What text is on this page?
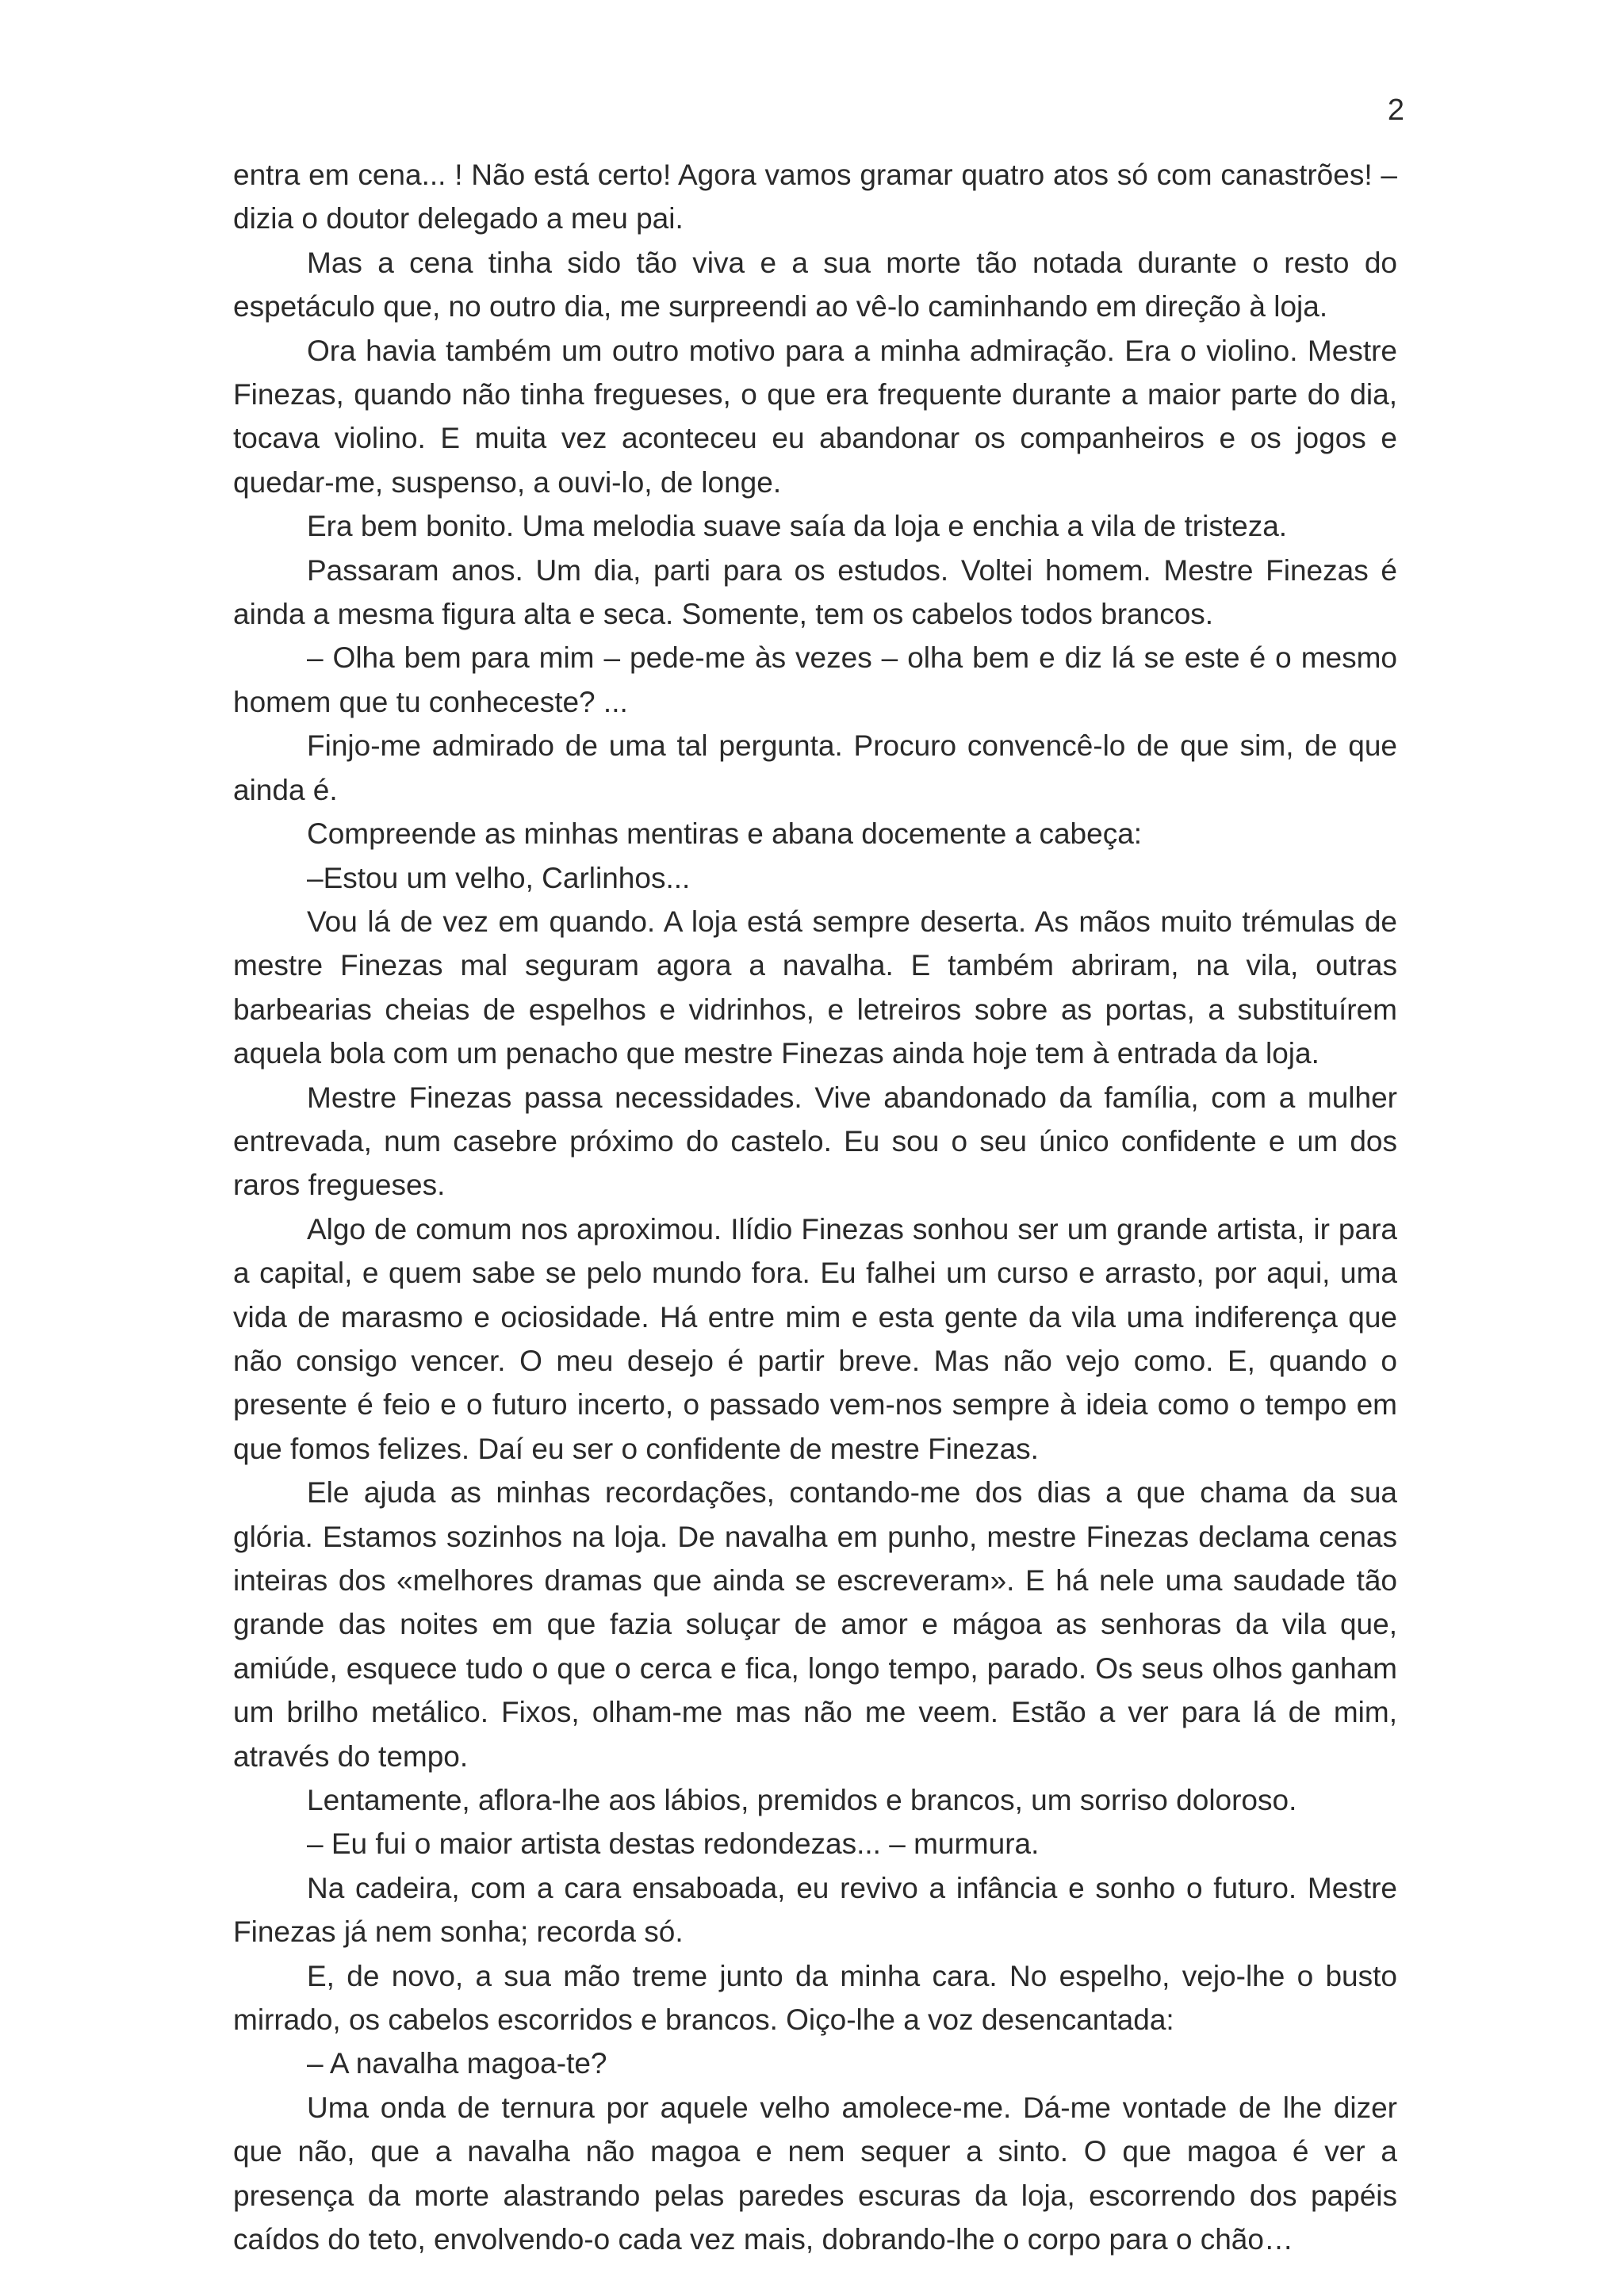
2

entra em cena... ! Não está certo! Agora vamos gramar quatro atos só com canastrões! – dizia o doutor delegado a meu pai.

Mas a cena tinha sido tão viva e a sua morte tão notada durante o resto do espetáculo que, no outro dia, me surpreendi ao vê-lo caminhando em direção à loja.

Ora havia também um outro motivo para a minha admiração. Era o violino. Mestre Finezas, quando não tinha fregueses, o que era frequente durante a maior parte do dia, tocava violino. E muita vez aconteceu eu abandonar os companheiros e os jogos e quedar-me, suspenso, a ouvi-lo, de longe.

Era bem bonito. Uma melodia suave saía da loja e enchia a vila de tristeza.

Passaram anos. Um dia, parti para os estudos. Voltei homem. Mestre Finezas é ainda a mesma figura alta e seca. Somente, tem os cabelos todos brancos.

– Olha bem para mim – pede-me às vezes – olha bem e diz lá se este é o mesmo homem que tu conheceste? ...

Finjo-me admirado de uma tal pergunta. Procuro convencê-lo de que sim, de que ainda é.

Compreende as minhas mentiras e abana docemente a cabeça:

–Estou um velho, Carlinhos...

Vou lá de vez em quando. A loja está sempre deserta. As mãos muito trémulas de mestre Finezas mal seguram agora a navalha. E também abriram, na vila, outras barbearias cheias de espelhos e vidrinhos, e letreiros sobre as portas, a substituírem aquela bola com um penacho que mestre Finezas ainda hoje tem à entrada da loja.

Mestre Finezas passa necessidades. Vive abandonado da família, com a mulher entrevada, num casebre próximo do castelo. Eu sou o seu único confidente e um dos raros fregueses.

Algo de comum nos aproximou. Ilídio Finezas sonhou ser um grande artista, ir para a capital, e quem sabe se pelo mundo fora. Eu falhei um curso e arrasto, por aqui, uma vida de marasmo e ociosidade. Há entre mim e esta gente da vila uma indiferença que não consigo vencer. O meu desejo é partir breve. Mas não vejo como. E, quando o presente é feio e o futuro incerto, o passado vem-nos sempre à ideia como o tempo em que fomos felizes. Daí eu ser o confidente de mestre Finezas.

Ele ajuda as minhas recordações, contando-me dos dias a que chama da sua glória. Estamos sozinhos na loja. De navalha em punho, mestre Finezas declama cenas inteiras dos «melhores dramas que ainda se escreveram». E há nele uma saudade tão grande das noites em que fazia soluçar de amor e mágoa as senhoras da vila que, amiúde, esquece tudo o que o cerca e fica, longo tempo, parado. Os seus olhos ganham um brilho metálico. Fixos, olham-me mas não me veem. Estão a ver para lá de mim, através do tempo.

Lentamente, aflora-lhe aos lábios, premidos e brancos, um sorriso doloroso.

– Eu fui o maior artista destas redondezas... – murmura.

Na cadeira, com a cara ensaboada, eu revivo a infância e sonho o futuro. Mestre Finezas já nem sonha; recorda só.

E, de novo, a sua mão treme junto da minha cara. No espelho, vejo-lhe o busto mirrado, os cabelos escorridos e brancos. Oiço-lhe a voz desencantada:

– A navalha magoa-te?

Uma onda de ternura por aquele velho amolece-me. Dá-me vontade de lhe dizer que não, que a navalha não magoa e nem sequer a sinto. O que magoa é ver a presença da morte alastrando pelas paredes escuras da loja, escorrendo dos papéis caídos do teto, envolvendo-o cada vez mais, dobrando-lhe o corpo para o chão…
